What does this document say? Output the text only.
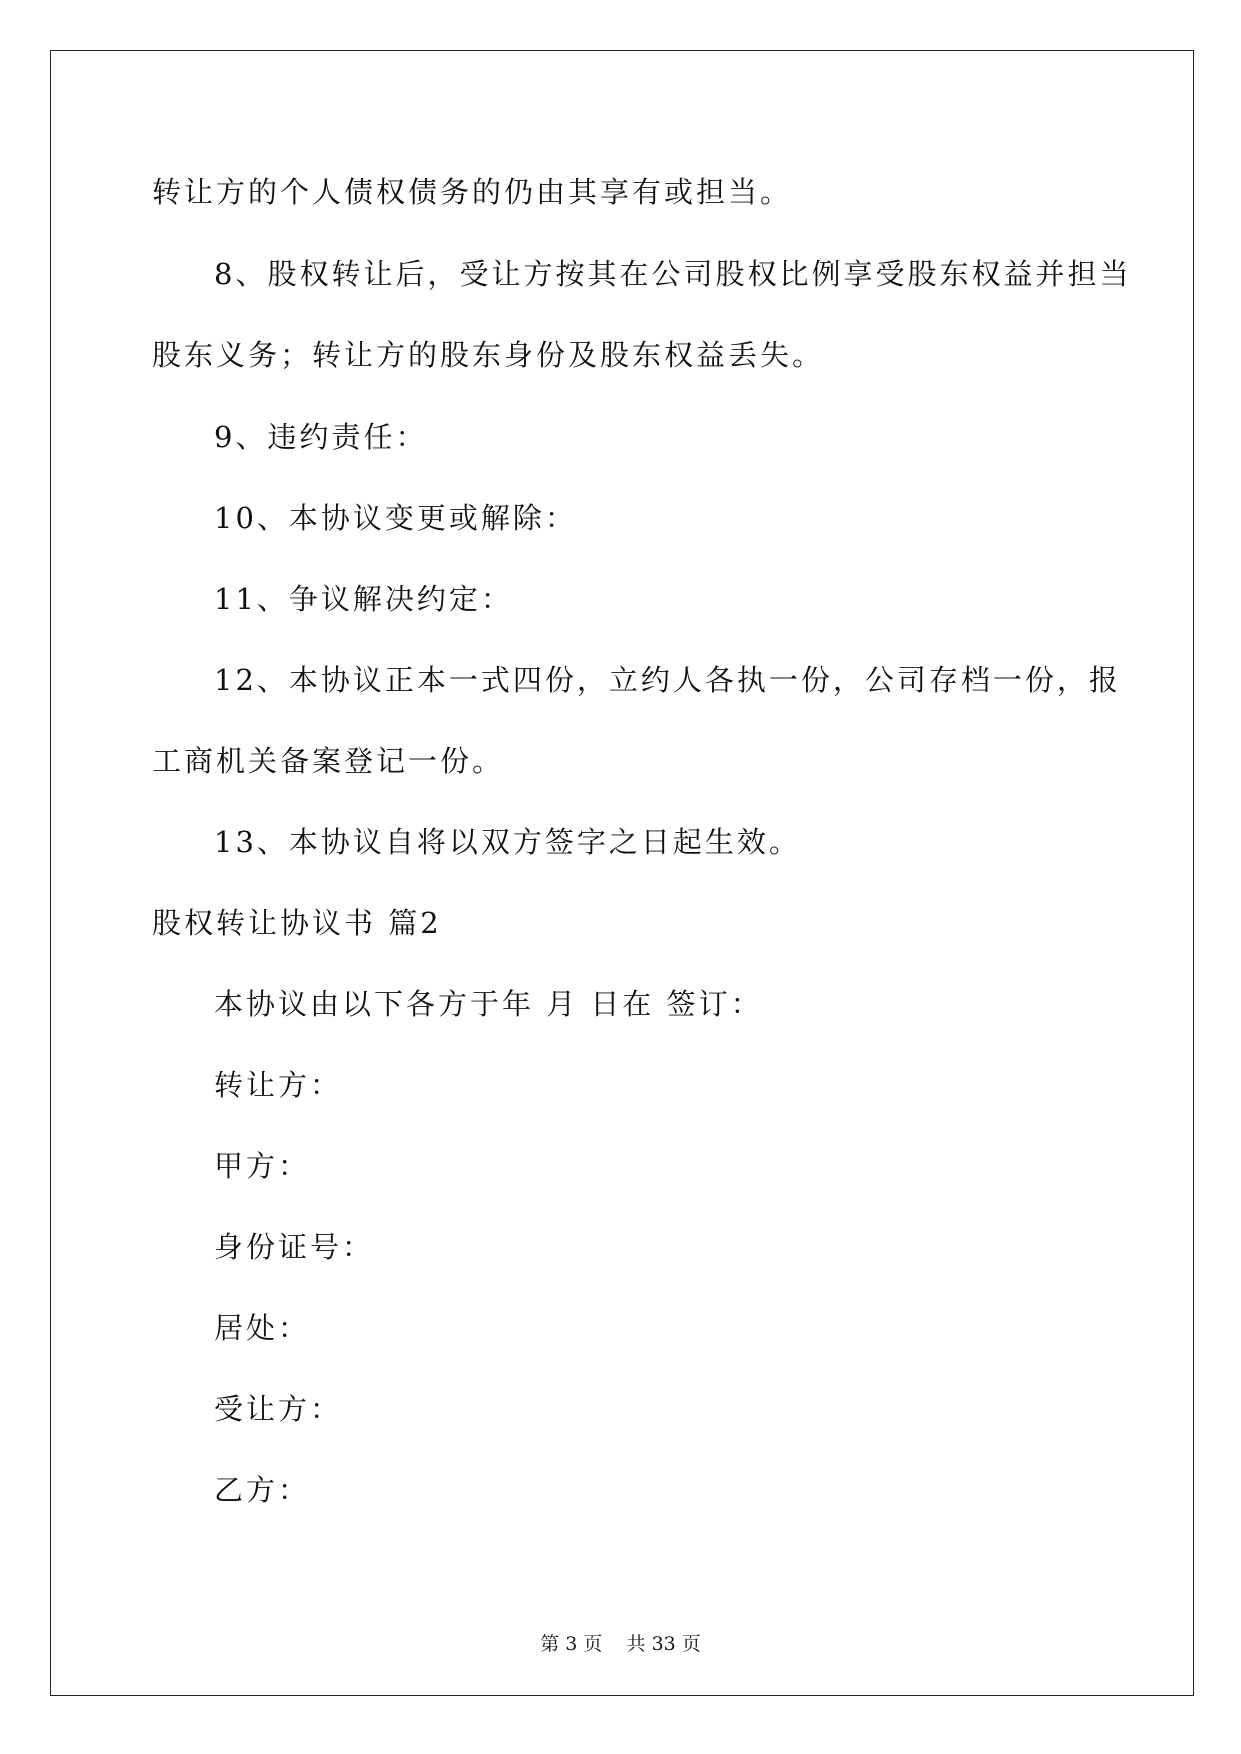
转让方的个人债权债务的仍由其享有或担当。
8、股权转让后，受让方按其在公司股权比例享受股东权益并担当
股东义务；转让方的股东身份及股东权益丢失。
9、违约责任：
10、本协议变更或解除：
11、争议解决约定：
12、本协议正本一式四份，立约人各执一份，公司存档一份，报
工商机关备案登记一份。
13、本协议自将以双方签字之日起生效。
股权转让协议书 篇2
本协议由以下各方于年 月 日在 签订：
转让方：
甲方：
身份证号：
居处：
受让方：
乙方：
第 3 页    共 33 页
